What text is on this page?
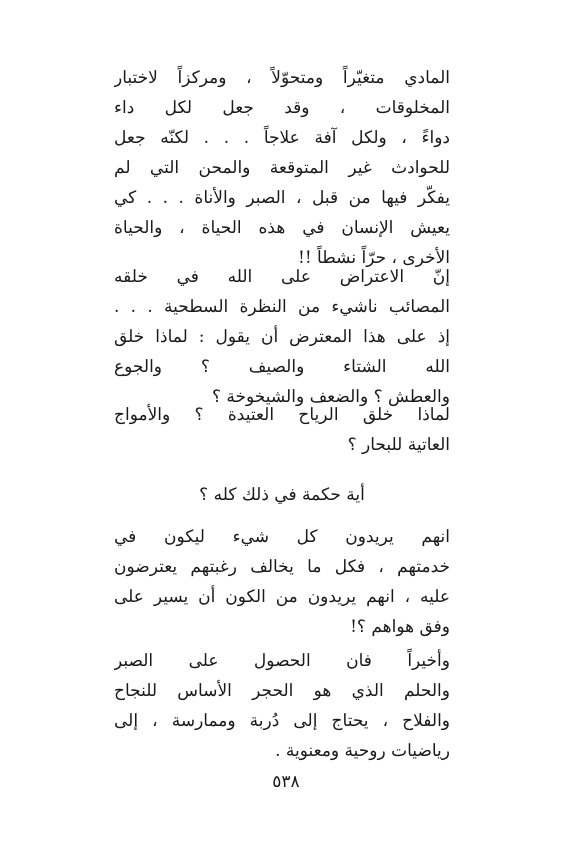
المادي متغيّراً ومتحوّلاً ، ومركزاً لاختبار
المخلوقات ، وقد جعل لكل داء
دواءً ، ولكل آفة علاجاً . . . لكنّه جعل
للحوادث غير المتوقعة والمحن التي لم
يفكّر فيها من قبل ، الصبر والأناة . . . كي
يعيش الإنسان في هذه الحياة ، والحياة
الأخرى ، حرّاً نشطاً !!
إنّ الاعتراض على الله في خلقه
المصائب ناشيء من النظرة السطحية . . .
إذ على هذا المعترض أن يقول : لماذا خلق
الله الشتاء والصيف ؟ والجوع
والعطش ؟ والضعف والشيخوخة ؟
لماذا خلق الرياح العتيدة ؟ والأمواج
العاتية للبحار ؟
أية حكمة في ذلك كله ؟
انهم يريدون كل شيء ليكون في
خدمتهم ، فكل ما يخالف رغبتهم يعترضون
عليه ، انهم يريدون من الكون أن يسير على
وفق هواهم ؟!
وأخيراً فان الحصول على الصبر
والحلم الذي هو الحجر الأساس للنجاح
والفلاح ، يحتاج إلى دُربة وممارسة ، إلى
رياضيات روحية ومعنوية .
٥٣٨
